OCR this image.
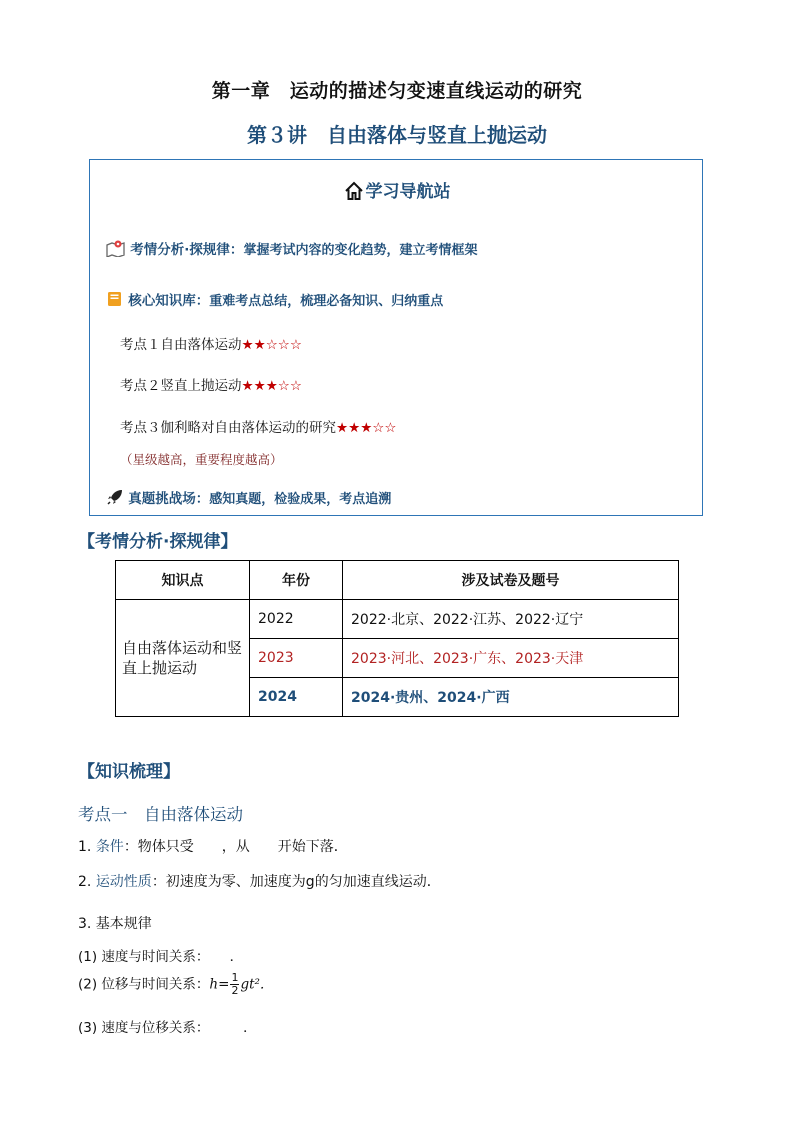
第一章　运动的描述匀变速直线运动的研究
第３讲　自由落体与竖直上抛运动
学习导航站
考情分析·探规律：掌握考试内容的变化趋势，建立考情框架
核心知识库：重难考点总结，梳理必备知识、归纳重点
考点１自由落体运动★★☆☆☆
考点２竖直上抛运动★★★☆☆
考点３伽利略对自由落体运动的研究★★★☆☆
（星级越高，重要程度越高）
真题挑战场：感知真题，检验成果，考点追溯
【考情分析·探规律】
知识点	年份	涉及试卷及题号
自由落体运动和竖直上抛运动	2022	2022·北京、2022·江苏、2022·辽宁
	2023	2023·河北、2023·广东、2023·天津
	2024	2024·贵州、2024·广西
【知识梳理】
考点一　自由落体运动
1. 条件：物体只受　　，从　　开始下落．
2. 运动性质：初速度为零、加速度为g的匀加速直线运动．
3. 基本规律
(1) 速度与时间关系：　　．
(2) 位移与时间关系：$h= \frac{1}{2} gt^2$．
(3) 速度与位移关系：　　　．
